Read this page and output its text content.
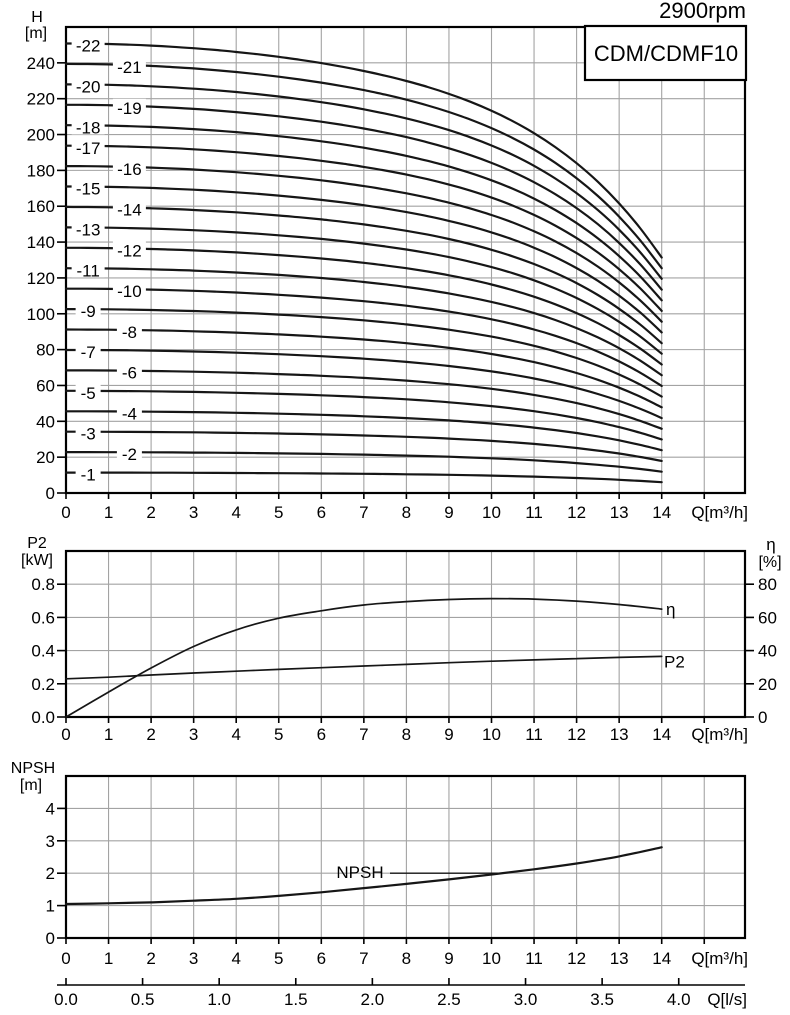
0
20
40
60
80
100
120
140
160
180
200
220
240
0 1 2 3 4 5 6 7 8 9 10 11 12 13 14 Q[m³/h]
H
[m]
-1
-2
-3
-4
-5
-6
-7
-8
-9
-10
-11
-12
-13
-14
-15
-16
-17
-18
-19
-20
-21
-22
0.0
0.2
0.4
0.6
0.8
0
20
40
60
80
0 1 2 3 4 5 6 7 8 9 10 11 12 13 14 Q[m³/h]
P2
[kW]
η
[%]
η
P2
0
1
2
3
4
0 1 2 3 4 5 6 7 8 9 10 11 12 13 14 Q[m³/h]
NPSH
[m]
NPSH
0.0	0.5	1.0	1.5	2.0	2.5	3.0	3.5	4.0 Q[l/s]
2900rpm
CDM/CDMF10
